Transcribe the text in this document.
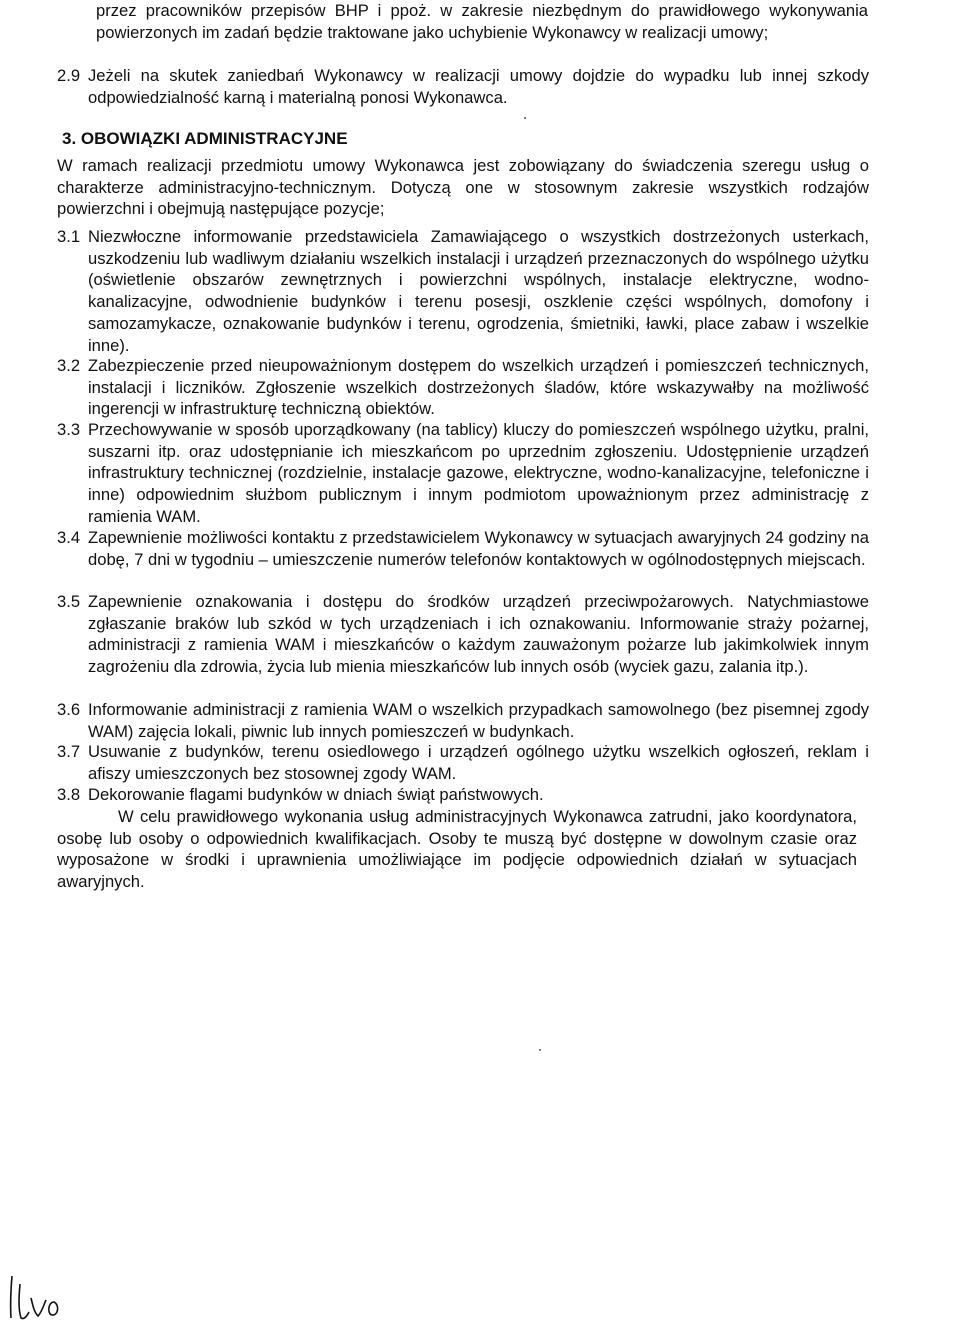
przez pracowników przepisów BHP i ppoż. w zakresie niezbędnym do prawidłowego wykonywania powierzonych im zadań będzie traktowane jako uchybienie Wykonawcy w realizacji umowy;
2.9 Jeżeli na skutek zaniedbań Wykonawcy w realizacji umowy dojdzie do wypadku lub innej szkody odpowiedzialność karną i materialną ponosi Wykonawca.
3. OBOWIĄZKI ADMINISTRACYJNE
W ramach realizacji przedmiotu umowy Wykonawca jest zobowiązany do świadczenia szeregu usług o charakterze administracyjno-technicznym. Dotyczą one w stosownym zakresie wszystkich rodzajów powierzchni i obejmują następujące pozycje;
3.1 Niezwłoczne informowanie przedstawiciela Zamawiającego o wszystkich dostrzeżonych usterkach, uszkodzeniu lub wadliwym działaniu wszelkich instalacji i urządzeń przeznaczonych do wspólnego użytku (oświetlenie obszarów zewnętrznych i powierzchni wspólnych, instalacje elektryczne, wodno-kanalizacyjne, odwodnienie budynków i terenu posesji, oszklenie części wspólnych, domofony i samozamykacze, oznakowanie budynków i terenu, ogrodzenia, śmietniki, ławki, place zabaw i wszelkie inne).
3.2 Zabezpieczenie przed nieupoważnionym dostępem do wszelkich urządzeń i pomieszczeń technicznych, instalacji i liczników. Zgłoszenie wszelkich dostrzeżonych śladów, które wskazywałby na możliwość ingerencji w infrastrukturę techniczną obiektów.
3.3 Przechowywanie w sposób uporządkowany (na tablicy) kluczy do pomieszczeń wspólnego użytku, pralni, suszarni itp. oraz udostępnianie ich mieszkańcom po uprzednim zgłoszeniu. Udostępnienie urządzeń infrastruktury technicznej (rozdzielnie, instalacje gazowe, elektryczne, wodno-kanalizacyjne, telefoniczne i inne) odpowiednim służbom publicznym i innym podmiotom upoważnionym przez administrację z ramienia WAM.
3.4 Zapewnienie możliwości kontaktu z przedstawicielem Wykonawcy w sytuacjach awaryjnych 24 godziny na dobę, 7 dni w tygodniu – umieszczenie numerów telefonów kontaktowych w ogólnodostępnych miejscach.
3.5 Zapewnienie oznakowania i dostępu do środków urządzeń przeciwpożarowych. Natychmiastowe zgłaszanie braków lub szkód w tych urządzeniach i ich oznakowaniu. Informowanie straży pożarnej, administracji z ramienia WAM i mieszkańców o każdym zauważonym pożarze lub jakimkolwiek innym zagrożeniu dla zdrowia, życia lub mienia mieszkańców lub innych osób (wyciek gazu, zalania itp.).
3.6 Informowanie administracji z ramienia WAM o wszelkich przypadkach samowolnego (bez pisemnej zgody WAM) zajęcia lokali, piwnic lub innych pomieszczeń w budynkach.
3.7 Usuwanie z budynków, terenu osiedlowego i urządzeń ogólnego użytku wszelkich ogłoszeń, reklam i afiszy umieszczonych bez stosownej zgody WAM.
3.8 Dekorowanie flagami budynków w dniach świąt państwowych.
W celu prawidłowego wykonania usług administracyjnych Wykonawca zatrudni, jako koordynatora, osobę lub osoby o odpowiednich kwalifikacjach. Osoby te muszą być dostępne w dowolnym czasie oraz wyposażone w środki i uprawnienia umożliwiające im podjęcie odpowiednich działań w sytuacjach awaryjnych.
